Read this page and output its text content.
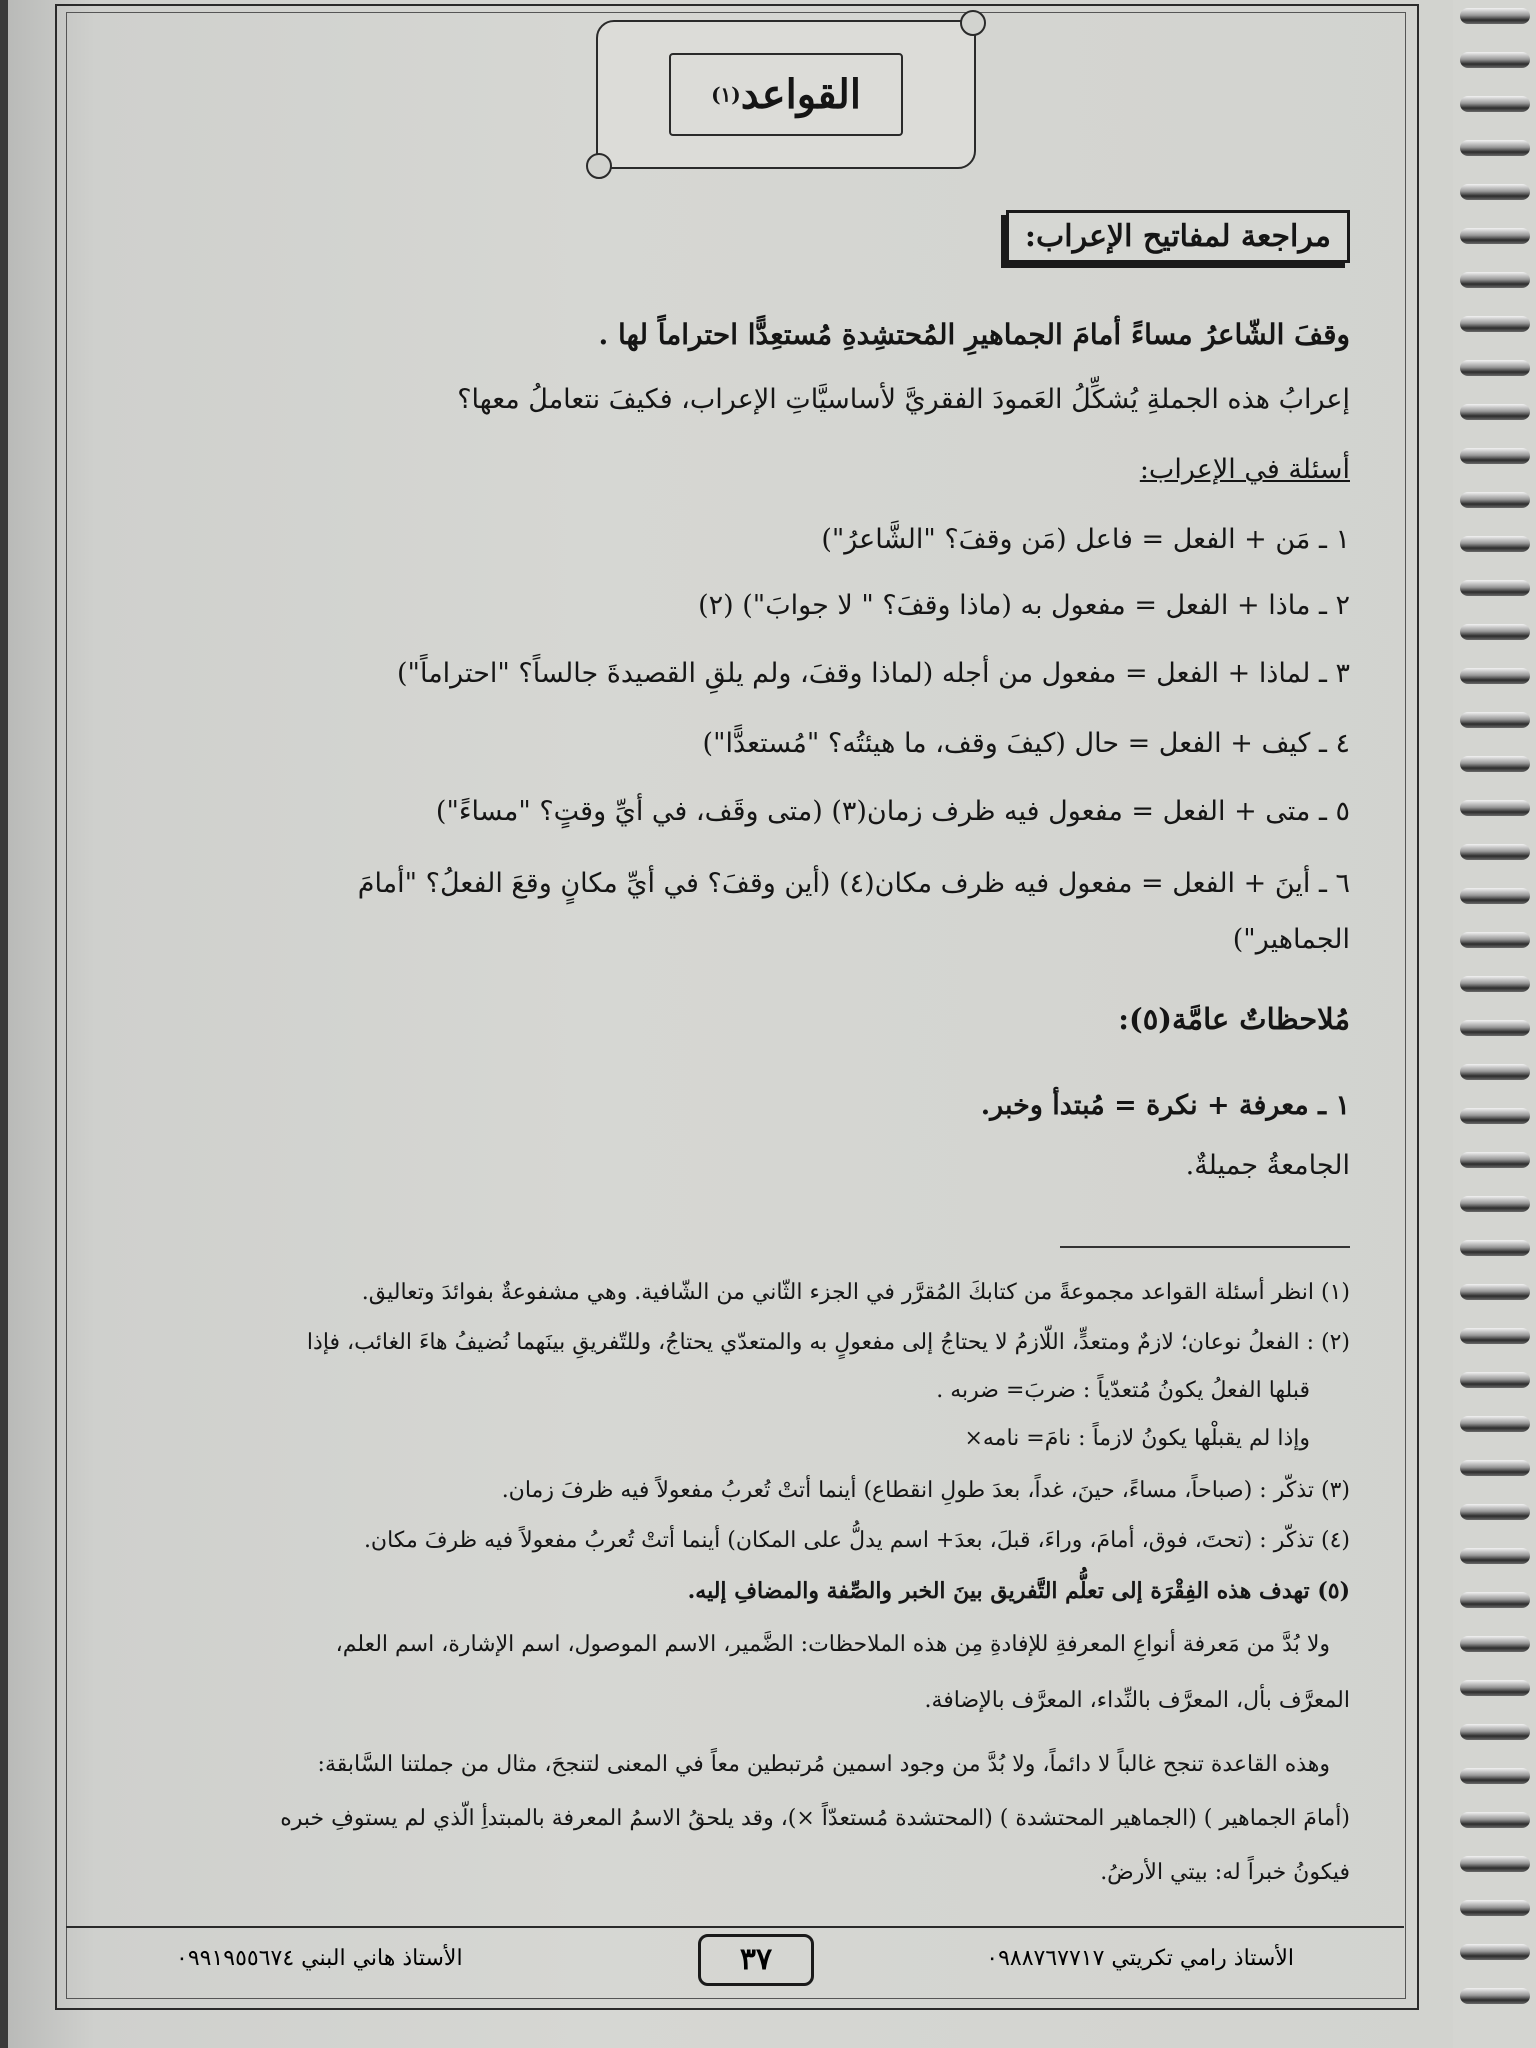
القواعد$^{(١)}$
مراجعة لمفاتيح الإعراب:
وقفَ الشّاعرُ مساءً أمامَ الجماهيرِ المُحتشِدةِ مُستعِدًّا احتراماً لها .
إعرابُ هذه الجملةِ يُشكِّلُ العَمودَ الفقريَّ لأساسيَّاتِ الإعراب، فكيفَ نتعاملُ معها؟
أسئلة في الإعراب:
١ ـ مَن + الفعل = فاعل (مَن وقفَ؟ "الشَّاعرُ")
٢ ـ ماذا + الفعل = مفعول به (ماذا وقفَ؟ " لا جوابَ") (٢)
٣ ـ لماذا + الفعل = مفعول من أجله (لماذا وقفَ، ولم يلقِ القصيدةَ جالساً؟ "احتراماً")
٤ ـ كيف + الفعل = حال (كيفَ وقف، ما هيئتُه؟ "مُستعدًّا")
٥ ـ متى + الفعل = مفعول فيه ظرف زمان(٣) (متى وقَف، في أيِّ وقتٍ؟ "مساءً")
٦ ـ أينَ + الفعل = مفعول فيه ظرف مكان(٤) (أين وقفَ؟ في أيِّ مكانٍ وقعَ الفعلُ؟ "أمامَ
الجماهير")
مُلاحظاتٌ عامَّة(٥):
١ ـ معرفة + نكرة = مُبتدأ وخبر.
الجامعةُ جميلةٌ.
(١) انظر أسئلة القواعد مجموعةً من كتابكَ المُقرَّر في الجزء الثّاني من الشّافية. وهي مشفوعةٌ بفوائدَ وتعاليق.
(٢) : الفعلُ نوعان؛ لازمٌ ومتعدٍّ، اللّازمُ لا يحتاجُ إلى مفعولٍ به والمتعدّي يحتاجُ، وللتّفريقِ بينَهما نُضيفُ هاءَ الغائب، فإذا
قبلها الفعلُ يكونُ مُتعدّياً : ضربَ= ضربه .
وإذا لم يقبلْها يكونُ لازماً : نامَ= نامه×
(٣) تذكّر : (صباحاً، مساءً، حينَ، غداً، بعدَ طولِ انقطاع) أينما أتتْ تُعربُ مفعولاً فيه ظرفَ زمان.
(٤) تذكّر : (تحتَ، فوق، أمامَ، وراءَ، قبلَ، بعدَ+ اسم يدلُّ على المكان) أينما أتتْ تُعربُ مفعولاً فيه ظرفَ مكان.
(٥) تهدف هذه الفِقْرَة إلى تعلُّم التَّفريق بينَ الخبر والصِّفة والمضافِ إليه.
ولا بُدَّ من مَعرفة أنواعِ المعرفةِ للإفادةِ مِن هذه الملاحظات: الضَّمير، الاسم الموصول، اسم الإشارة، اسم العلم،
المعرَّف بأل، المعرَّف بالنِّداء، المعرَّف بالإضافة.
وهذه القاعدة تنجح غالباً لا دائماً، ولا بُدَّ من وجود اسمين مُرتبطين معاً في المعنى لتنجحَ، مثال من جملتنا السَّابقة:
(أمامَ الجماهير ) (الجماهير المحتشدة ) (المحتشدة مُستعدّاً ×)، وقد يلحقُ الاسمُ المعرفة بالمبتدأِ الّذي لم يستوفِ خبره
فيكونُ خبراً له: بيتي الأرضُ.
الأستاذ رامي تكريتي ٠٩٨٨٧٦٧٧١٧
٣٧
الأستاذ هاني البني ٠٩٩١٩٥٥٦٧٤
